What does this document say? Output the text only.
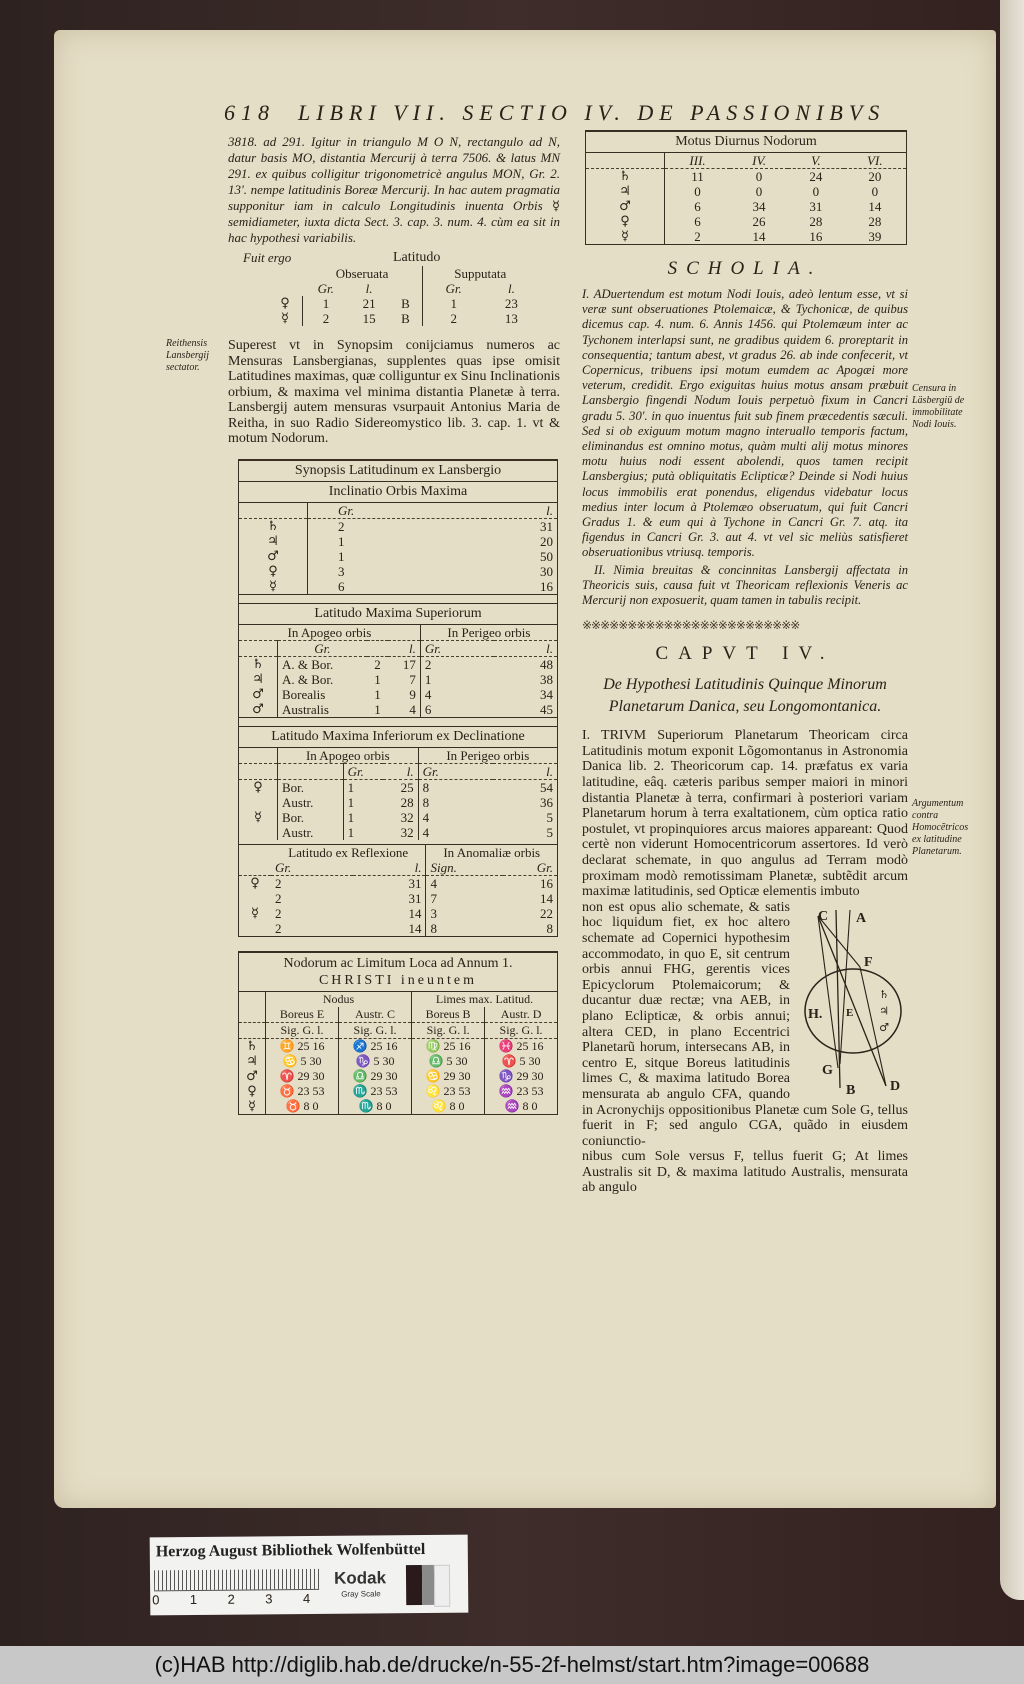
618 LIBRI VII. SECTIO IV. DE PASSIONIBVS
3818. ad 291. Igitur in triangulo M O N, rectangulo ad N, datur basis MO, distantia Mercurij à terra 7506. & latus MN 291. ex quibus colligitur trigonometricè angulus MON, Gr. 2. 13'. nempe latitudinis Boreæ Mercurij. In hac autem pragmatia supponitur iam in calculo Longitudinis inuenta Orbis ☿ semidiameter, iuxta dicta Sect. 3. cap. 3. num. 4. cùm ea sit in hac hypothesi variabilis.
Fuit ergo	Latitudo
	Obseruata			Supputata	
	Gr.	l.		Gr.	l.
♀	1	21	B	1	23
☿	2	15	B	2	13
Reithensis Lansbergij sectator.
Superest vt in Synopsim conijciamus numeros ac Mensuras Lansbergianas, supplentes quas ipse omisit Latitudines maximas, quæ colliguntur ex Sinu Inclinationis orbium, & maxima vel minima distantia Planetæ à terra. Lansbergij autem mensuras vsurpauit Antonius Maria de Reitha, in suo Radio Sidereomystico lib. 3. cap. 1. vt & motum Nodorum.
Synopsis Latitudinum ex Lansbergio
Inclinatio Orbis Maxima
	Gr.	l.
♄	2	31
♃	1	20
♂	1	50
♀	3	30
☿	6	16
Latitudo Maxima Superiorum
In Apogeo orbis				In Perigeo orbis	
	Gr.		l.	Gr.	l.
♄	A. & Bor.	2	17	2	48
♃	A. & Bor.	1	7	1	38
♂	Borealis	1	9	4	34
♂	Australis	1	4	6	45
Latitudo Maxima Inferiorum ex Declinatione
	In Apogeo orbis			In Perigeo orbis	
		Gr.	l.	Gr.	l.
♀	Bor.	1	25	8	54
	Austr.	1	28	8	36
☿	Bor.	1	32	4	5
	Austr.	1	32	4	5
	Latitudo ex Reflexione		In Anomaliæ orbis	
	Gr.	l.	Sign.	Gr.
♀	2	31	4	16
	2	31	7	14
☿	2	14	3	22
	2	14	8	8
Nodorum ac Limitum Loca ad Annum 1.
CHRISTI ineuntem
	Nodus		Limes max. Latitud.	
	Boreus E	Austr. C	Boreus B	Austr. D
	Sig. G. l.	Sig. G. l.	Sig. G. l.	Sig. G. l.
♄	♊ 25 16	♐ 25 16	♍ 25 16	♓ 25 16
♃	♋ 5 30	♑ 5 30	♎ 5 30	♈ 5 30
♂	♈ 29 30	♎ 29 30	♋ 29 30	♑ 29 30
♀	♉ 23 53	♏ 23 53	♌ 23 53	♒ 23 53
☿	♉ 8 0	♏ 8 0	♌ 8 0	♒ 8 0
Motus Diurnus Nodorum
	III.	IV.	V.	VI.
♄	11	0	24	20
♃	0	0	0	0
♂	6	34	31	14
♀	6	26	28	28
☿	2	14	16	39
SCHOLIA.
Censura in Läsbergiū de immobilitate Nodi Iouis.
I. ADuertendum est motum Nodi Iouis, adeò lentum esse, vt si veræ sunt obseruationes Ptolemaicæ, & Tychonicæ, de quibus dicemus cap. 4. num. 6. Annis 1456. qui Ptolemæum inter ac Tychonem interlapsi sunt, ne gradibus quidem 6. proreptarit in consequentia; tantum abest, vt gradus 26. ab inde confecerit, vt Copernicus, tribuens ipsi motum eumdem ac Apogæi more veterum, credidit. Ergo exiguitas huius motus ansam præbuit Lansbergio fingendi Nodum Iouis perpetuò fixum in Cancri gradu 5. 30'. in quo inuentus fuit sub finem præcedentis sæculi. Sed si ob exiguum motum magno interuallo temporis factum, eliminandus est omnino motus, quàm multi alij motus minores motu huius nodi essent abolendi, quos tamen recipit Lansbergius; putà obliquitatis Eclipticæ? Deinde si Nodi huius locus immobilis erat ponendus, eligendus videbatur locus medius inter locum à Ptolemæo obseruatum, qui fuit Cancri Gradus 1. & eum qui à Tychone in Cancri Gr. 7. atq. ita figendus in Cancri Gr. 3. aut 4. vt vel sic meliùs satisfieret obseruationibus vtriusq. temporis.
II. Nimia breuitas & concinnitas Lansbergij affectata in Theoricis suis, causa fuit vt Theoricam reflexionis Veneris ac Mercurij non exposuerit, quam tamen in tabulis recipit.
※※※※※※※※※※※※※※※※※※※※※※※※
CAPVT IV.
De Hypothesi Latitudinis Quinque Minorum Planetarum Danica, seu Longomontanica.
Argumentum contra Homocẽtricos ex latitudine Planetarum.
I. TRIVM Superiorum Planetarum Theoricam circa Latitudinis motum exponit Lõgomontanus in Astronomia Danica lib. 2. Theoricorum cap. 14. præfatus ex varia latitudine, eâq. cæteris paribus semper maiori in minori distantia Planetæ à terra, confirmari à posteriori variam Planetarum horum à terra exaltationem, cùm optica ratio postulet, vt propinquiores arcus maiores appareant: Quod certè non viderunt Homocentricorum assertores. Id verò declarat schemate, in quo angulus ad Terram modò proximam modò remotissimam Planetæ, subtẽdit arcum maximæ latitudinis, sed Opticæ elementis imbuto
C A
F
H. E
G
B D
♄ ♃ ♂
non est opus alio schemate, & satis hoc liquidum fiet, ex hoc altero schemate ad Copernici hypothesim accommodato, in quo E, sit centrum orbis annui FHG, gerentis vices Epicyclorum Ptolemaicorum; & ducantur duæ rectæ; vna AEB, in plano Eclipticæ, & orbis annui; altera CED, in plano Eccentrici Planetarũ horum, intersecans AB, in centro E, sitque Boreus latitudinis limes C, & maxima latitudo Borea mensurata ab angulo CFA, quando in Acronychijs oppositionibus Planetæ cum Sole G, tellus fuerit in F; sed angulo CGA, quãdo in eiusdem coniunctio-
nibus cum Sole versus F, tellus fuerit G; At limes Australis sit D, & maxima latitudo Australis, mensurata ab angulo
Herzog August Bibliothek Wolfenbüttel
0 1 2 3 4
Kodak
Gray Scale
(c)HAB http://diglib.hab.de/drucke/n-55-2f-helmst/start.htm?image=00688
